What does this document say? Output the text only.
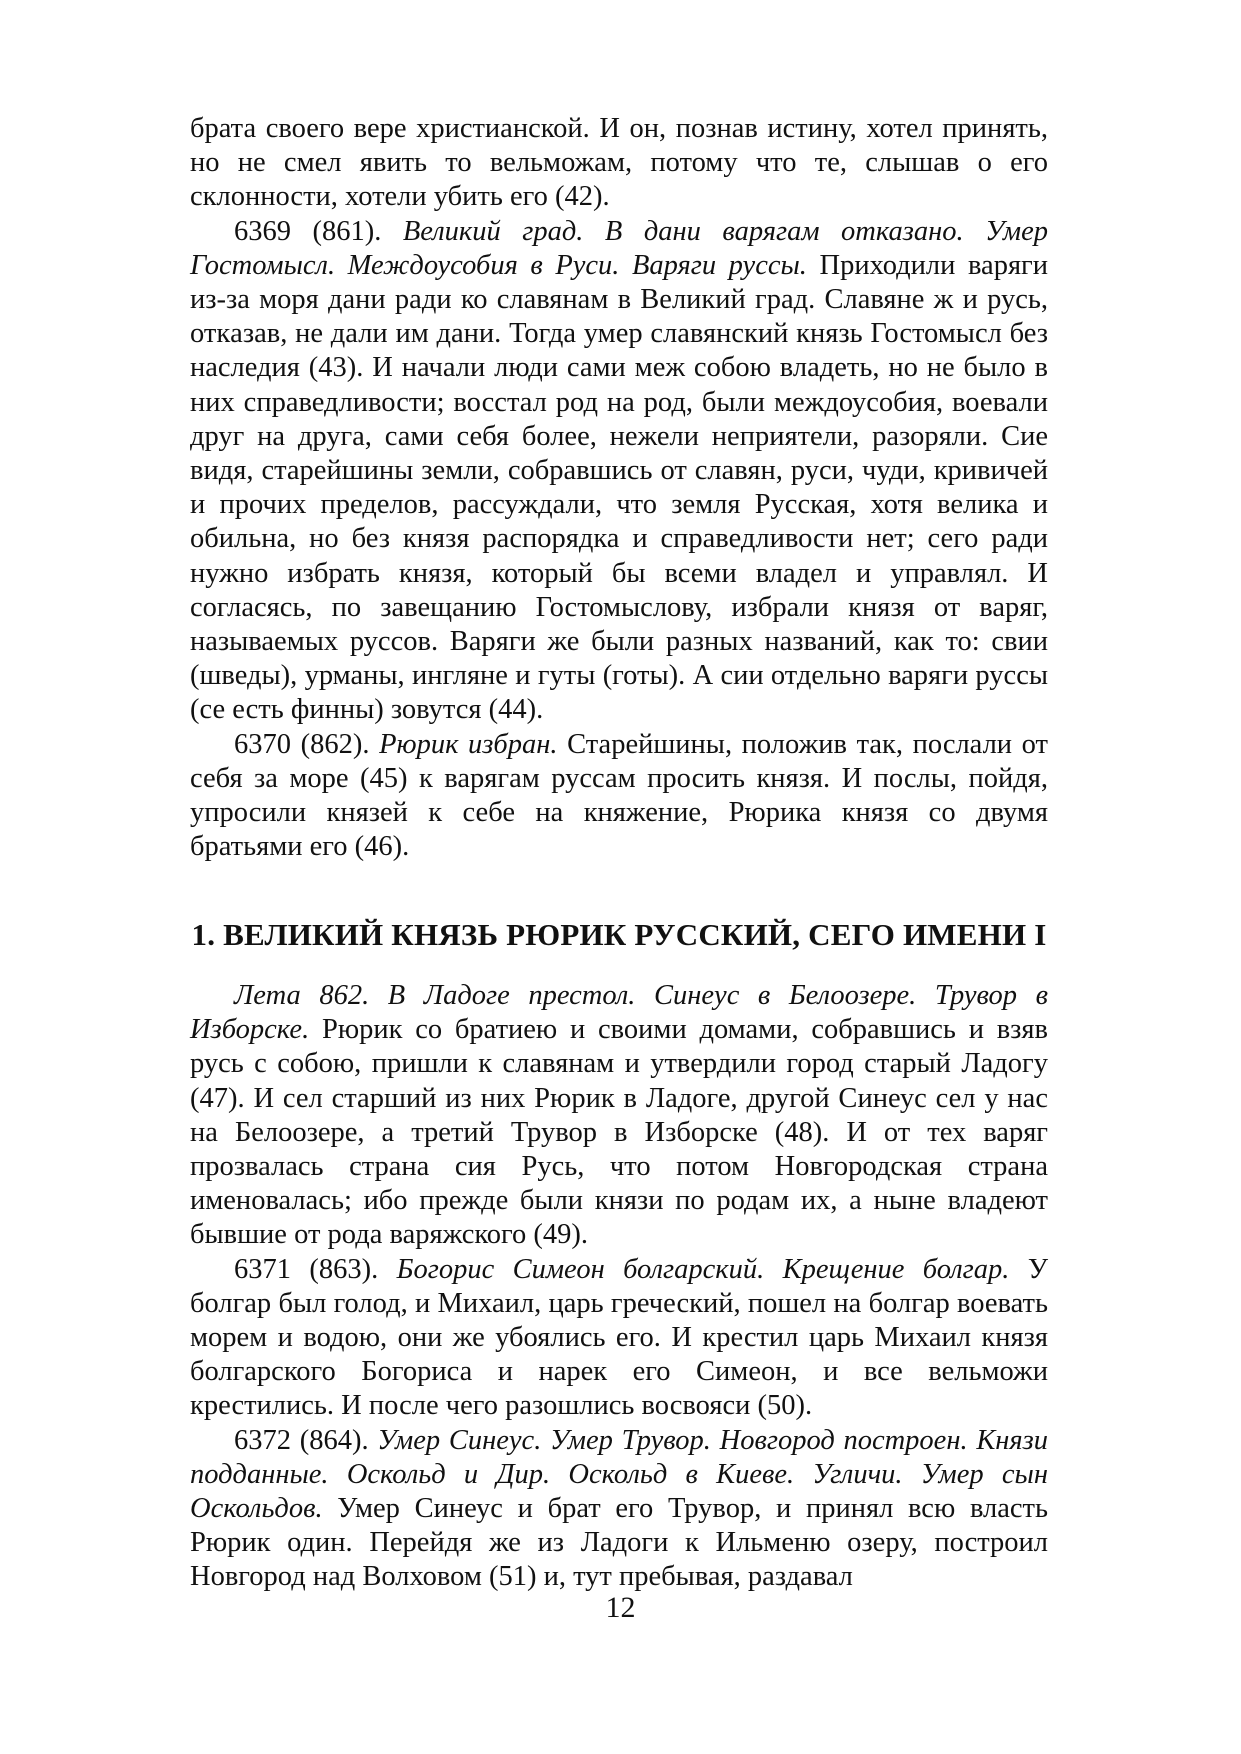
брата своего вере христианской. И он, познав истину, хотел принять, но не смел явить то вельможам, потому что те, слышав о его склонности, хотели убить его (42).

6369 (861). Великий град. В дани варягам отказано. Умер Гостомысл. Междоусобия в Руси. Варяги руссы. Приходили варяги из-за моря дани ради ко славянам в Великий град. Славяне ж и русь, откaзав, не дали им дани. Тогда умер славянский князь Гостомысл без наследия (43). И начали люди сами меж собою владеть, но не было в них справедливости; восстал род на род, были междоусобия, воевали друг на друга, сами себя более, нежели неприятели, разоряли. Сие видя, старейшины земли, собравшись от славян, руси, чуди, кривичей и прочих пределов, рассуждали, что земля Русская, хотя велика и обильна, но без князя распорядка и справедливости нет; сего ради нужно избрать князя, который бы всеми владел и управлял. И согласясь, по завещанию Гостомыслову, избрали князя от варяг, называемых руссов. Варяги же были разных названий, как то: свии (шведы), урманы, ингляне и гуты (готы). А сии отдельно варяги руссы (се есть финны) зовутся (44).

6370 (862). Рюрик избран. Старейшины, положив так, послали от себя за море (45) к варягам руссам просить князя. И послы, пойдя, упросили князей к себе на княжение, Рюрика князя со двумя братьями его (46).

1. ВЕЛИКИЙ КНЯЗЬ РЮРИК РУССКИЙ, СЕГО ИМЕНИ I

Лета 862. В Ладоге престол. Синеус в Белоозере. Трувор в Изборске. Рюрик со братиею и своими домами, собравшись и взяв русь с собою, пришли к славянам и утвердили город старый Ладогу (47). И сел старший из них Рюрик в Ладоге, другой Синеус сел у нас на Белоозере, а третий Трувор в Изборске (48). И от тех варяг прозвалась страна сия Русь, что потом Новгородская страна именовалась; ибо прежде были князи по родам их, а ныне владеют бывшие от рода варяжского (49).

6371 (863). Богорис Симеон болгарский. Крещение болгар. У болгар был голод, и Михаил, царь греческий, пошел на болгар воевать морем и водою, они же убоялись его. И крестил царь Михаил князя болгарского Богориса и нарек его Симеон, и все вельможи крестились. И после чего разошлись восвояси (50).

6372 (864). Умер Синеус. Умер Трувор. Новгород построен. Князи подданные. Оскольд и Дир. Оскольд в Киеве. Угличи. Умер сын Оскольдов. Умер Синеус и брат его Трувор, и принял всю власть Рюрик один. Перейдя же из Ладоги к Ильменю озеру, построил Новгород над Волховом (51) и, тут пребывая, раздавал

12
